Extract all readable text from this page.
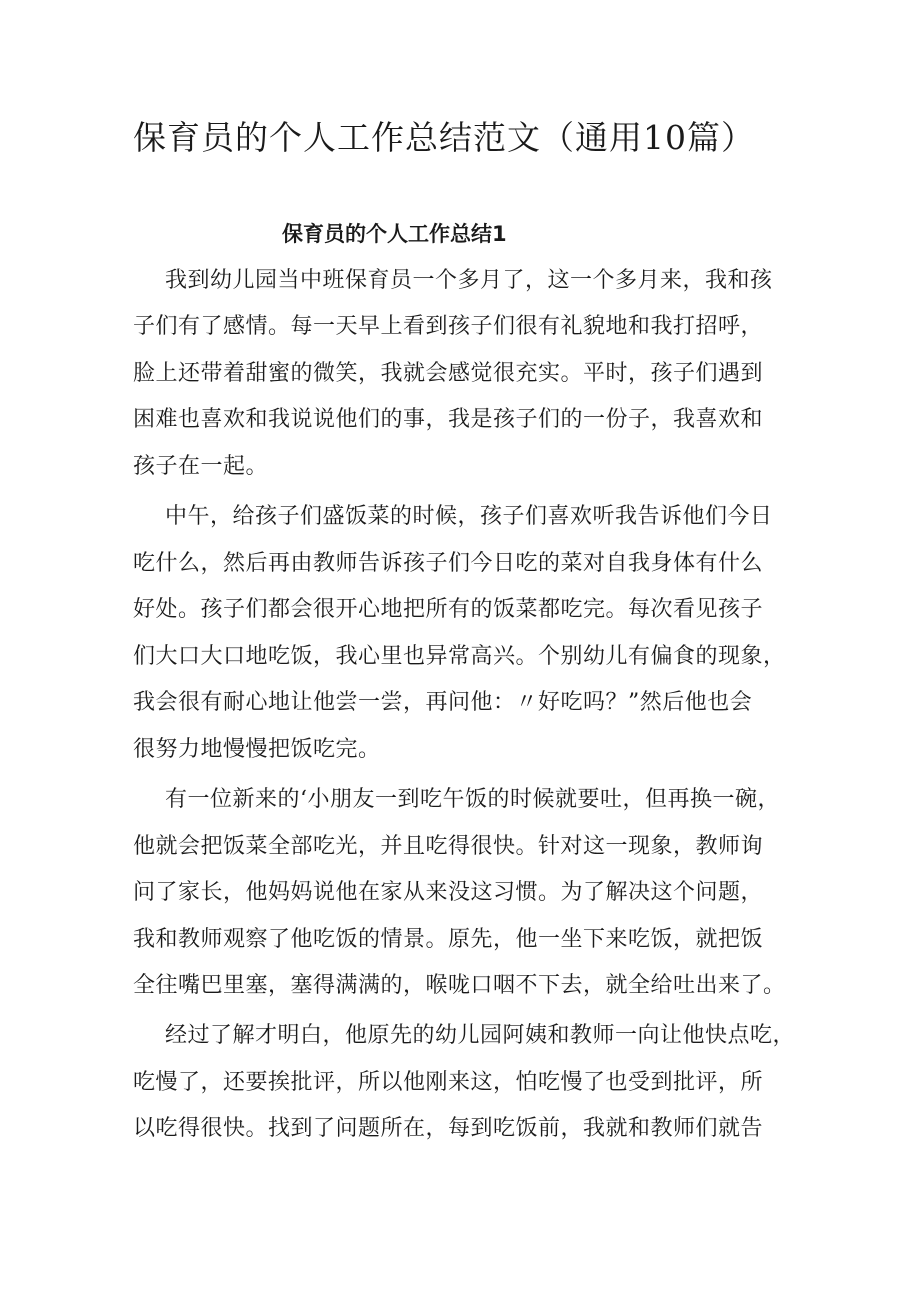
保育员的个人工作总结范文（通用10篇）
保育员的个人工作总结1

我到幼儿园当中班保育员一个多月了，这一个多月来，我和孩

子们有了感情。每一天早上看到孩子们很有礼貌地和我打招呼，

脸上还带着甜蜜的微笑，我就会感觉很充实。平时，孩子们遇到

困难也喜欢和我说说他们的事，我是孩子们的一份子，我喜欢和

孩子在一起。

中午，给孩子们盛饭菜的时候，孩子们喜欢听我告诉他们今日

吃什么，然后再由教师告诉孩子们今日吃的菜对自我身体有什么

好处。孩子们都会很开心地把所有的饭菜都吃完。每次看见孩子

们大口大口地吃饭，我心里也异常高兴。个别幼儿有偏食的现象，

我会很有耐心地让他尝一尝，再问他：〃好吃吗？”然后他也会

很努力地慢慢把饭吃完。

有一位新来的‘小朋友一到吃午饭的时候就要吐，但再换一碗，

他就会把饭菜全部吃光，并且吃得很快。针对这一现象，教师询

问了家长，他妈妈说他在家从来没这习惯。为了解决这个问题，

我和教师观察了他吃饭的情景。原先，他一坐下来吃饭，就把饭

全往嘴巴里塞，塞得满满的，喉咙口咽不下去，就全给吐出来了。

经过了解才明白，他原先的幼儿园阿姨和教师一向让他快点吃，

吃慢了，还要挨批评，所以他刚来这，怕吃慢了也受到批评，所

以吃得很快。找到了问题所在，每到吃饭前，我就和教师们就告
